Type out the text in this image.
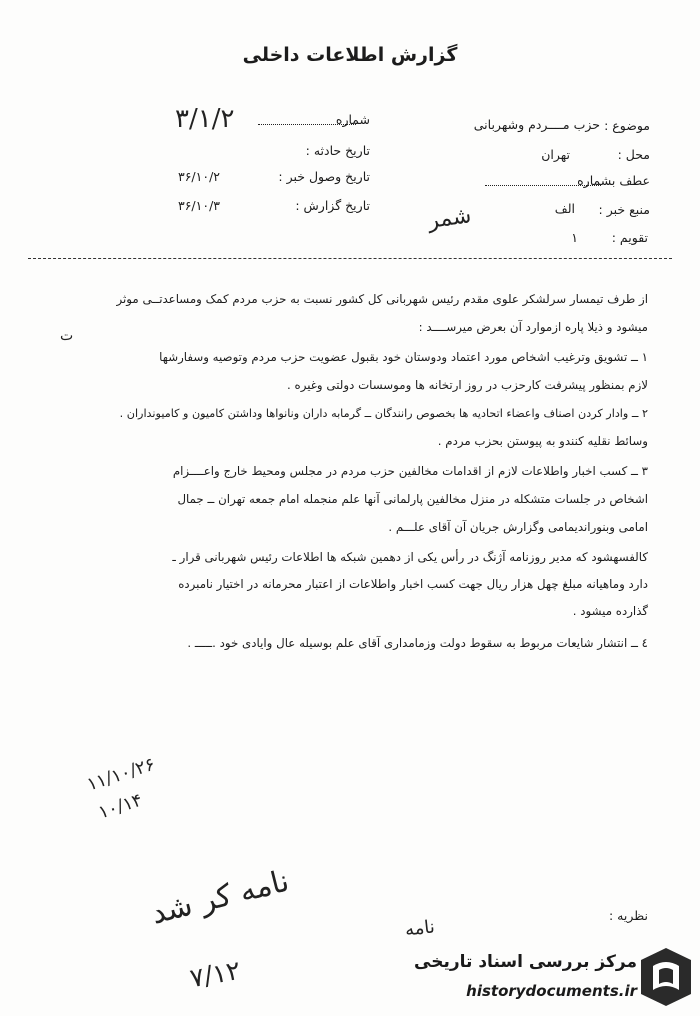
گزارش اطلاعات داخلی
موضوع :
حزب مــــردم وشهربانی
محل :
تهران
عطف بشماره
منبع خبر :
الف
تقویم :
۱
شمر
شماره
۳/۱/۲
تاریخ حادثه :
تاریخ وصول خبر :
۳۶/۱۰/۲
تاریخ گزارش :
۳۶/۱۰/۳
از طرف تیمسار سرلشکر علوی مقدم رئیس شهربانی کل کشور نسبت به حزب مردم کمک ومساعدتــی موثر
میشود و ذیلا پاره ازموارد آن بعرض میرســــد :
ت
۱ ــ تشویق وترغیب اشخاص مورد اعتماد ودوستان خود بقبول عضویت حزب مردم وتوصیه وسفارشها
لازم بمنظور پیشرفت کارحزب در روز ارتخانه ها وموسسات دولتی وغیره .
۲ ــ وادار کردن اصناف واعضاء اتحادیه ها بخصوص رانندگان ــ گرمابه داران ونانواها وداشتن کامیون و کامیونداران .
وسائط نقلیه کنندو به پیوستن بحزب مردم .
۳ ــ کسب اخبار واطلاعات لازم از اقدامات مخالفین حزب مردم در مجلس ومحیط خارج واعــــزام
اشخاص در جلسات متشکله در منزل مخالفین پارلمانی آنها علم منجمله امام جمعه تهران ــ جمال
امامی وبنوراندیمامی وگزارش جریان آن آقای علـــم .
کالفسهشود که مدیر روزنامه آژنگ در رأس یکی از دهمین شبکه ها اطلاعات رئیس شهربانی قرار ـ
دارد وماهیانه مبلغ چهل هزار ریال جهت کسب اخبار واطلاعات از اعتبار محرمانه در اختیار نامبرده
گذارده میشود .
٤ ــ انتشار شایعات مربوط به سقوط دولت وزمامداری آقای علم بوسیله عال وایادی خود .ـــــ .
۱۱/۱۰/۲۶
۱۰/۱۴
نامه کر شد
۷/۱۲
نظریه :
نامه
مرکز بررسی اسناد تاریخی
historydocuments.ir
